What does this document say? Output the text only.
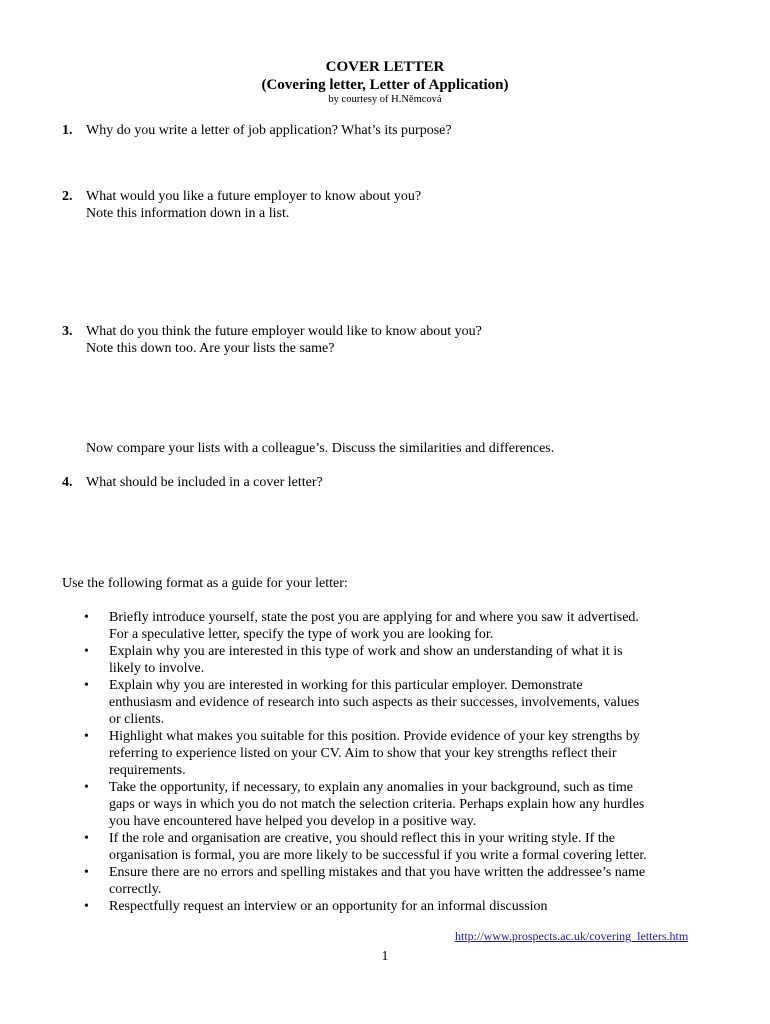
COVER LETTER
(Covering letter, Letter of Application)
by courtesy of H.Němcová
1. Why do you write a letter of job application? What’s its purpose?
2. What would you like a future employer to know about you?
Note this information down in a list.
3. What do you think the future employer would like to know about you?
Note this down too. Are your lists the same?
Now compare your lists with a colleague’s. Discuss the similarities and differences.
4. What should be included in a cover letter?
Use the following format as a guide for your letter:
•	Briefly introduce yourself, state the post you are applying for and where you saw it advertised.
For a speculative letter, specify the type of work you are looking for.
•	Explain why you are interested in this type of work and show an understanding of what it is
likely to involve.
•	Explain why you are interested in working for this particular employer. Demonstrate
enthusiasm and evidence of research into such aspects as their successes, involvements, values
or clients.
•	Highlight what makes you suitable for this position. Provide evidence of your key strengths by
referring to experience listed on your CV. Aim to show that your key strengths reflect their
requirements.
•	Take the opportunity, if necessary, to explain any anomalies in your background, such as time
gaps or ways in which you do not match the selection criteria. Perhaps explain how any hurdles
you have encountered have helped you develop in a positive way.
•	If the role and organisation are creative, you should reflect this in your writing style. If the
organisation is formal, you are more likely to be successful if you write a formal covering letter.
•	Ensure there are no errors and spelling mistakes and that you have written the addressee’s name
correctly.
•	Respectfully request an interview or an opportunity for an informal discussion
http://www.prospects.ac.uk/covering_letters.htm
1
